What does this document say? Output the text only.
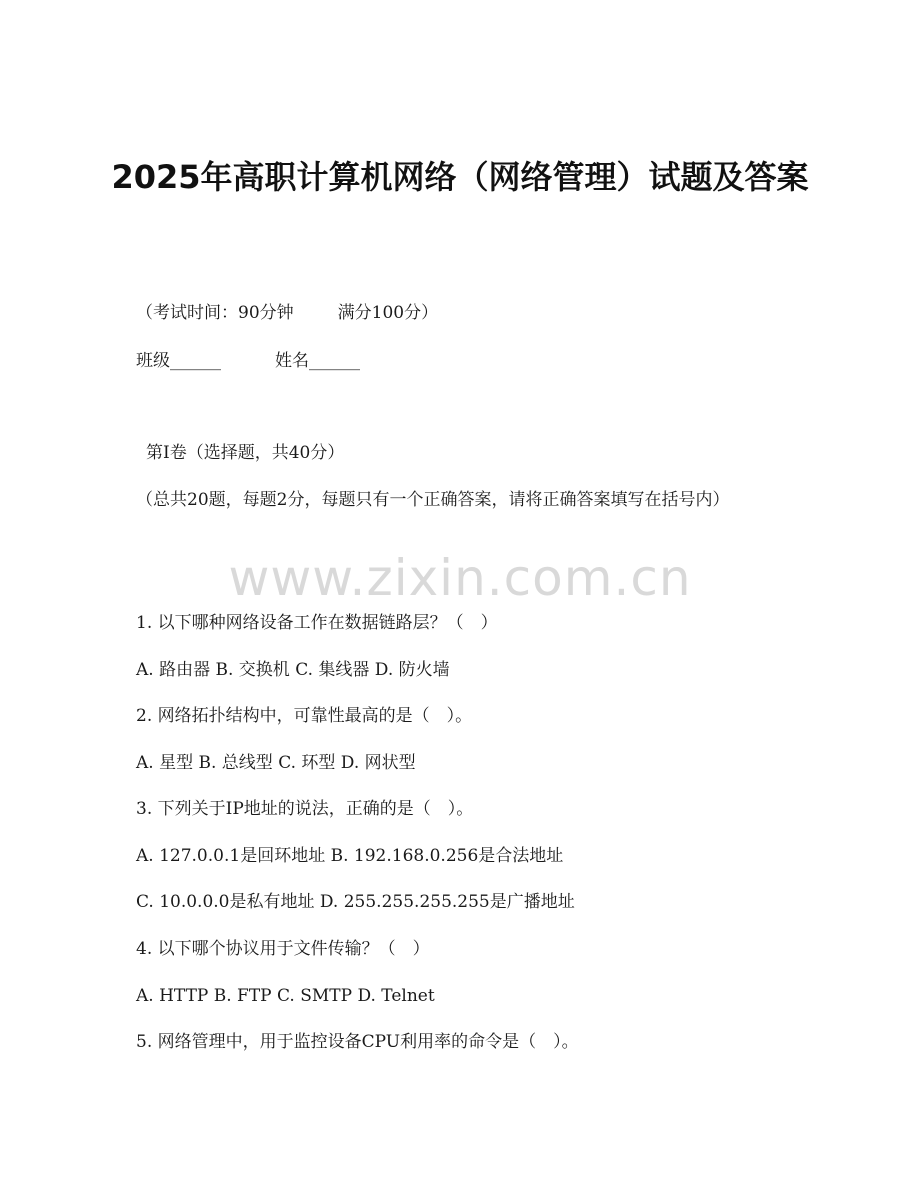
2025年高职计算机网络（网络管理）试题及答案
（考试时间：90分钟	满分100分）
班级______	姓名______
第I卷（选择题，共40分）
（总共20题，每题2分，每题只有一个正确答案，请将正确答案填写在括号内）
www.zixin.com.cn
1. 以下哪种网络设备工作在数据链路层？（　）
A. 路由器 B. 交换机 C. 集线器 D. 防火墙
2. 网络拓扑结构中，可靠性最高的是（　）。
A. 星型 B. 总线型 C. 环型 D. 网状型
3. 下列关于IP地址的说法，正确的是（　）。
A. 127.0.0.1是回环地址 B. 192.168.0.256是合法地址
C. 10.0.0.0是私有地址 D. 255.255.255.255是广播地址
4. 以下哪个协议用于文件传输？（　）
A. HTTP B. FTP C. SMTP D. Telnet
5. 网络管理中，用于监控设备CPU利用率的命令是（　）。
